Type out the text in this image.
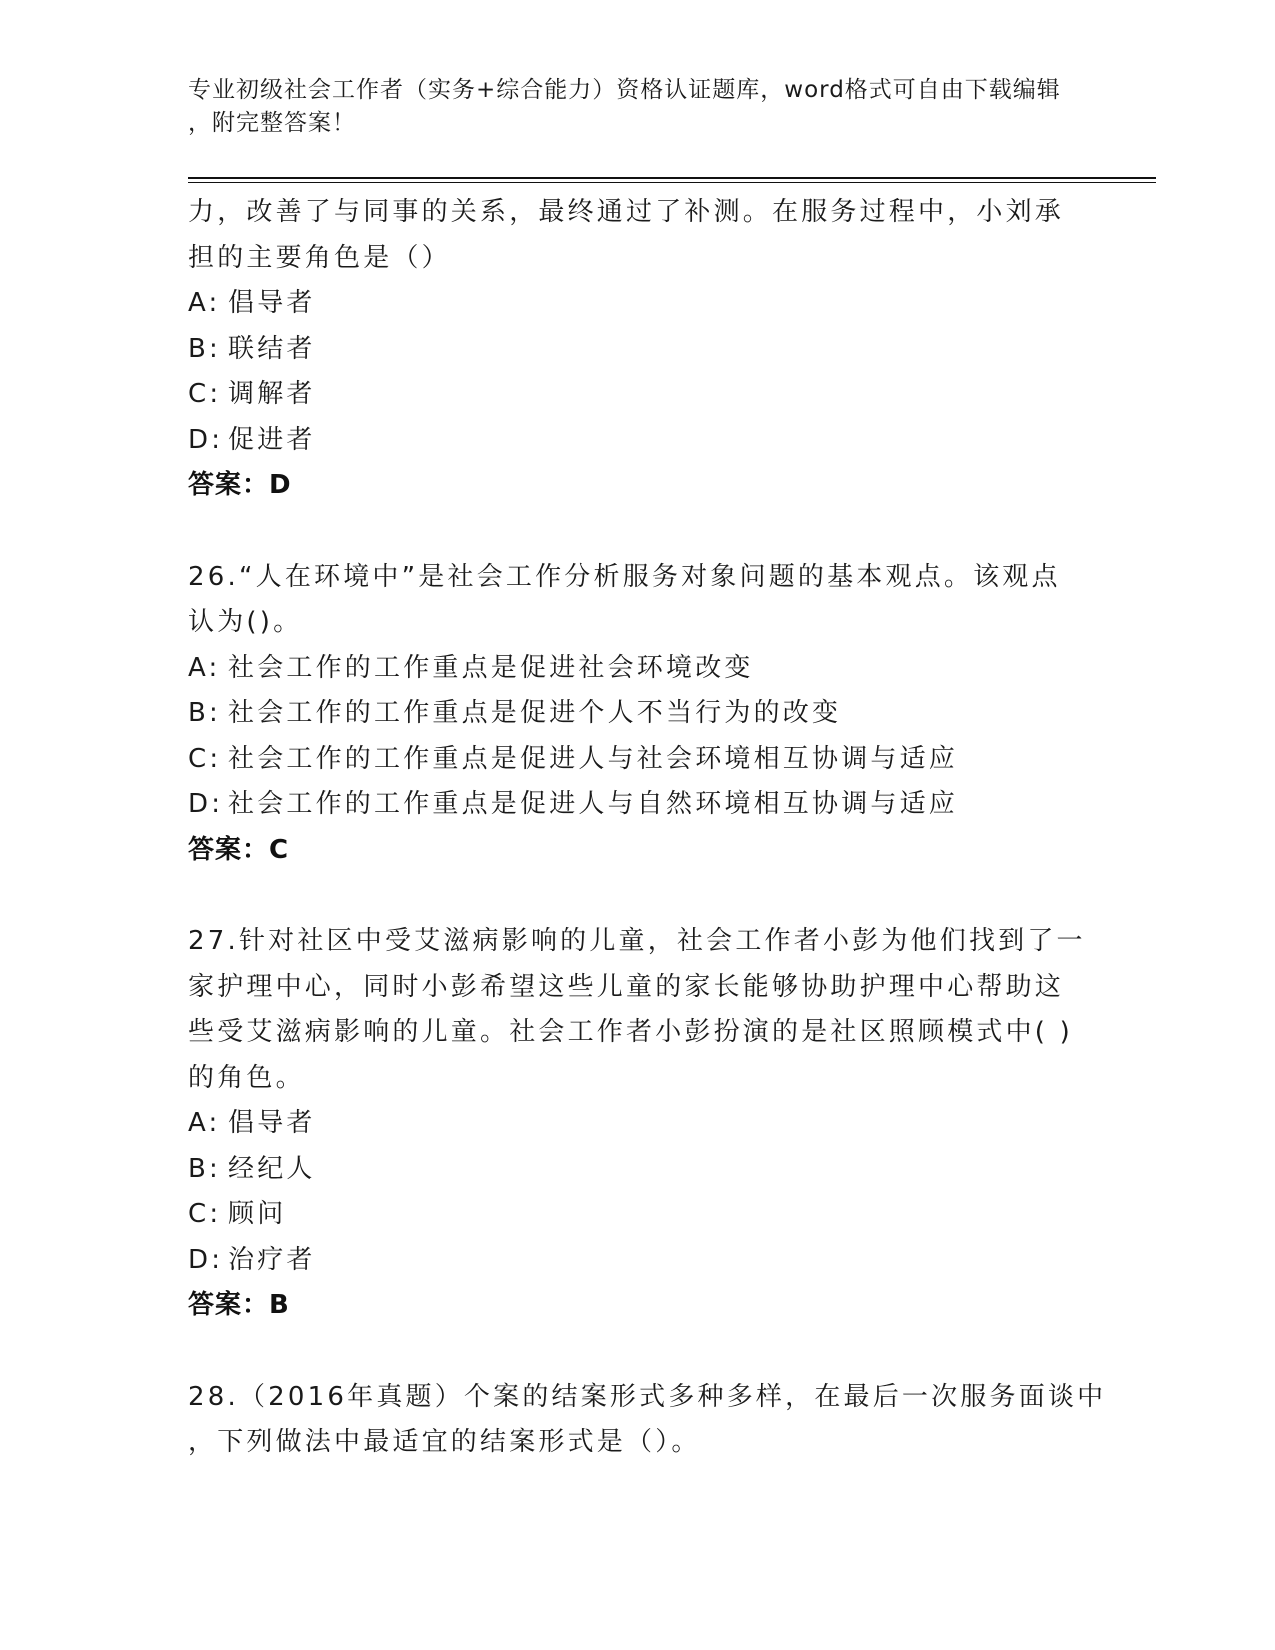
专业初级社会工作者（实务+综合能力）资格认证题库，word格式可自由下载编辑
，附完整答案！
力，改善了与同事的关系，最终通过了补测。在服务过程中，小刘承
担的主要角色是（）
A: 倡导者
B: 联结者
C: 调解者
D: 促进者
答案：D
26.“人在环境中”是社会工作分析服务对象问题的基本观点。该观点
认为()。
A: 社会工作的工作重点是促进社会环境改变
B: 社会工作的工作重点是促进个人不当行为的改变
C: 社会工作的工作重点是促进人与社会环境相互协调与适应
D: 社会工作的工作重点是促进人与自然环境相互协调与适应
答案：C
27.针对社区中受艾滋病影响的儿童，社会工作者小彭为他们找到了一
家护理中心，同时小彭希望这些儿童的家长能够协助护理中心帮助这
些受艾滋病影响的儿童。社会工作者小彭扮演的是社区照顾模式中( )
的角色。
A: 倡导者
B: 经纪人
C: 顾问
D: 治疗者
答案：B
28.（2016年真题）个案的结案形式多种多样，在最后一次服务面谈中
，下列做法中最适宜的结案形式是（）。
